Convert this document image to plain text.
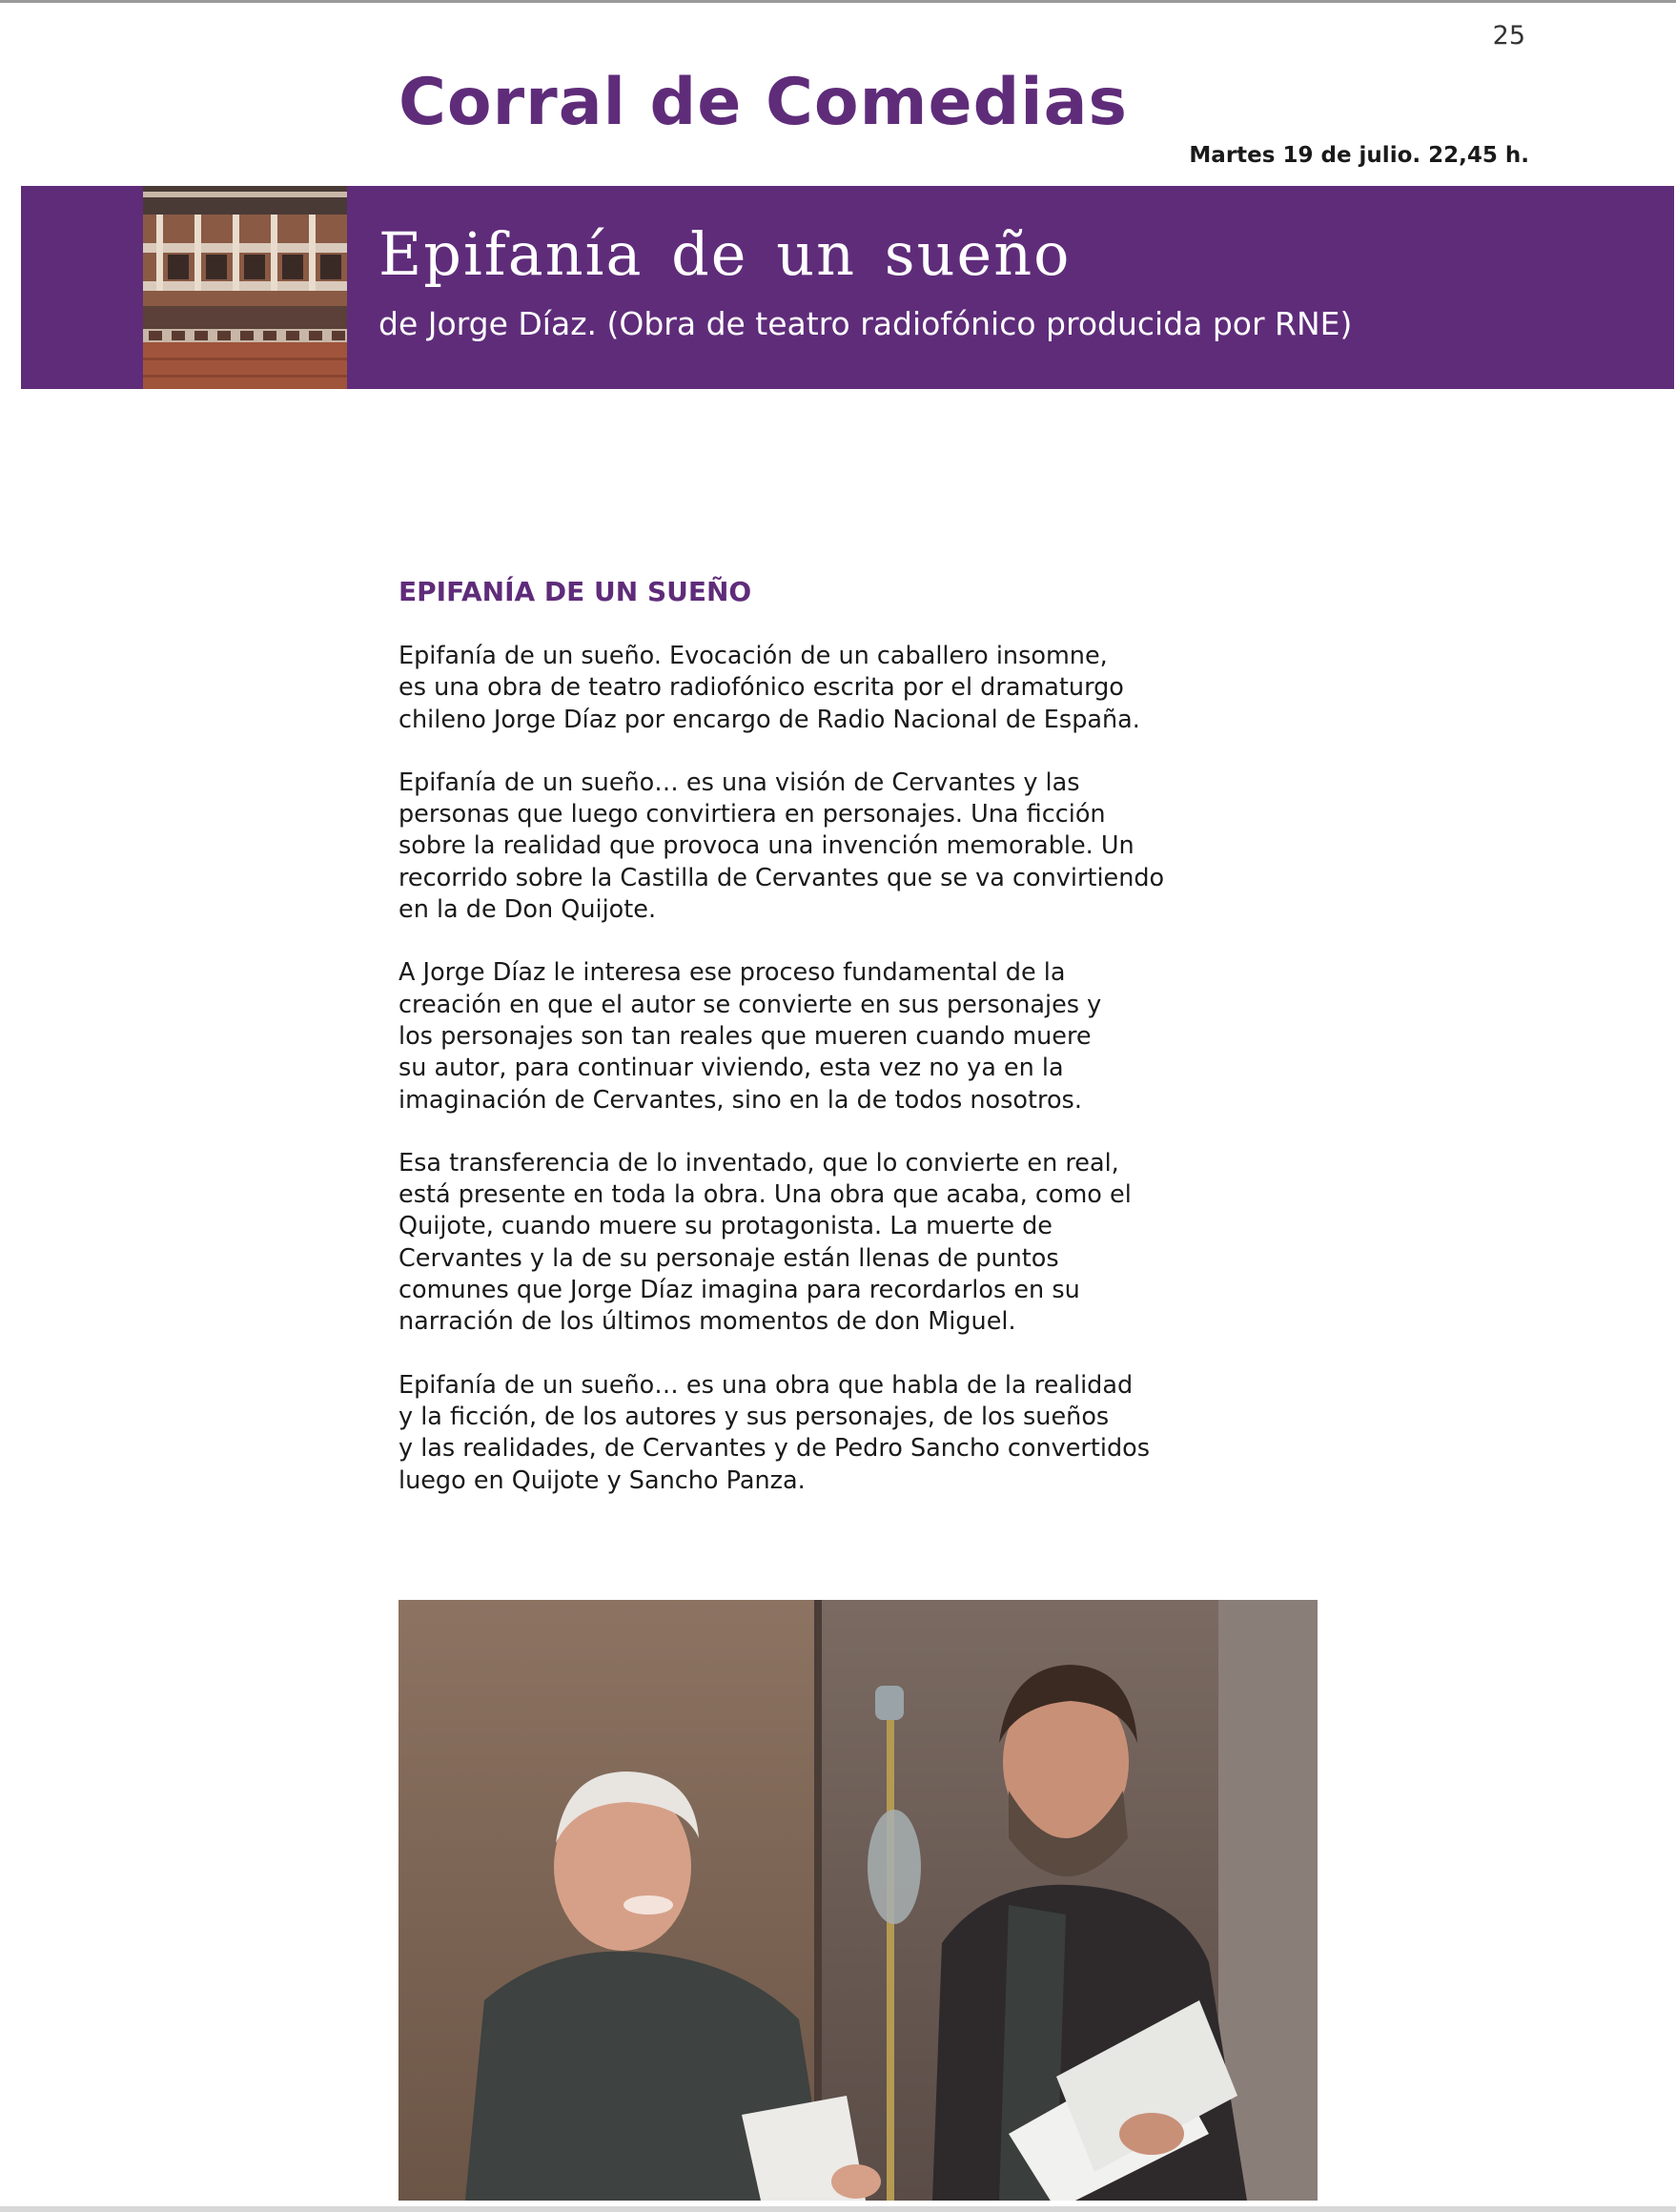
25
Corral de Comedias
Martes 19 de julio. 22,45 h.
Epifanía de un sueño
de Jorge Díaz. (Obra de teatro radiofónico producida por RNE)
EPIFANÍA DE UN SUEÑO

Epifanía de un sueño. Evocación de un caballero insomne,
es una obra de teatro radiofónico escrita por el dramaturgo
chileno Jorge Díaz por encargo de Radio Nacional de España.

Epifanía de un sueño… es una visión de Cervantes y las
personas que luego convirtiera en personajes. Una ficción
sobre la realidad que provoca una invención memorable. Un
recorrido sobre la Castilla de Cervantes que se va convirtiendo
en la de Don Quijote.

A Jorge Díaz le interesa ese proceso fundamental de la
creación en que el autor se convierte en sus personajes y
los personajes son tan reales que mueren cuando muere
su autor, para continuar viviendo, esta vez no ya en la
imaginación de Cervantes, sino en la de todos nosotros.

Esa transferencia de lo inventado, que lo convierte en real,
está presente en toda la obra. Una obra que acaba, como el
Quijote, cuando muere su protagonista. La muerte de
Cervantes y la de su personaje están llenas de puntos
comunes que Jorge Díaz imagina para recordarlos en su
narración de los últimos momentos de don Miguel.

Epifanía de un sueño… es una obra que habla de la realidad
y la ficción, de los autores y sus personajes, de los sueños
y las realidades, de Cervantes y de Pedro Sancho convertidos
luego en Quijote y Sancho Panza.
